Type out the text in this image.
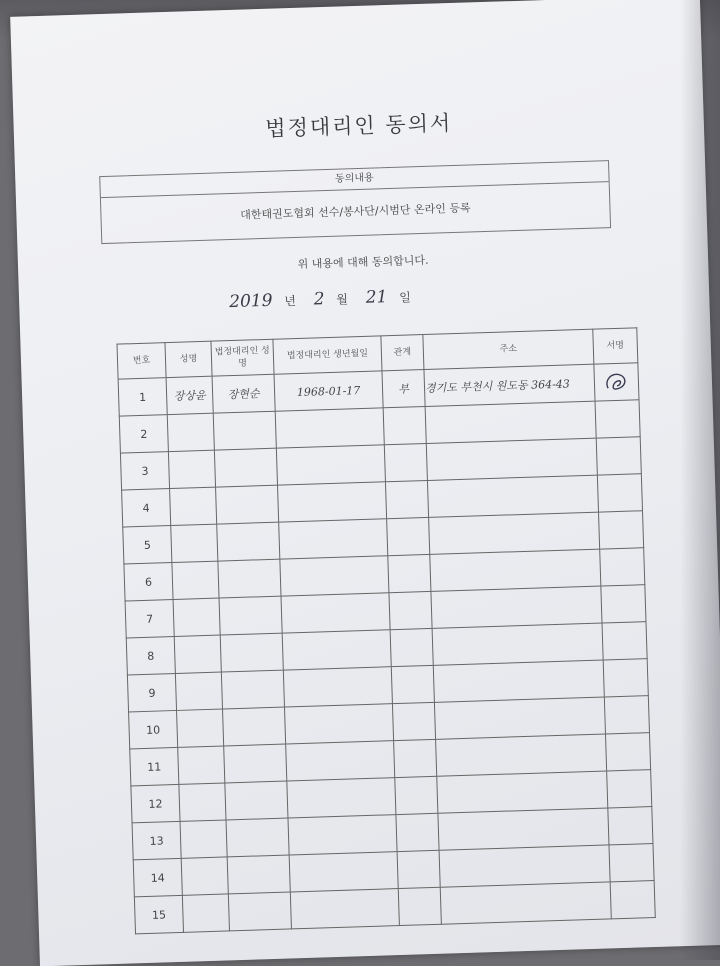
법정대리인 동의서
동의내용
대한태권도협회 선수/봉사단/시범단 온라인 등록
위 내용에 대해 동의합니다.
2019 년 2 월 21 일
번호	성명	법정대리인 성명	법정대리인 생년월일	관계	주소	서명
1	장상윤	장현순	1968-01-17	부	경기도 부천시 원도동 364-43	

2						
3						
4						
5						
6						
7						
8						
9						
10						
11						
12						
13						
14						
15						
